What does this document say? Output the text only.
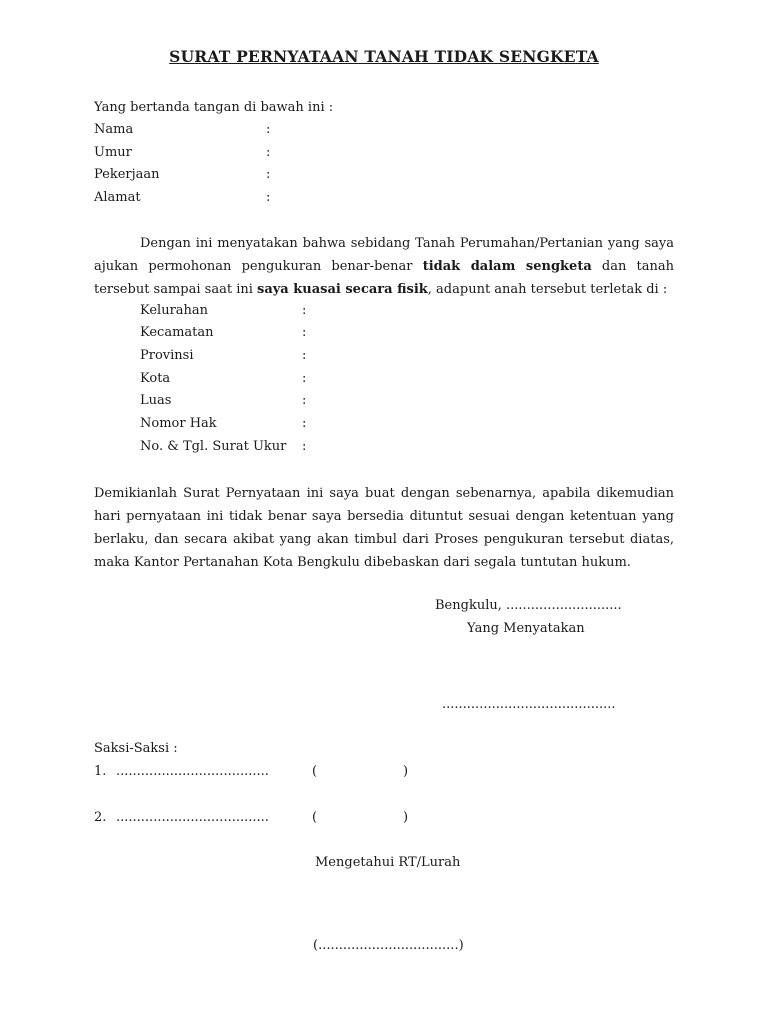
SURAT PERNYATAAN TANAH TIDAK SENGKETA
Yang bertanda tangan di bawah ini :
Nama	:
Umur	:
Pekerjaan	:
Alamat	:
Dengan ini menyatakan bahwa sebidang Tanah Perumahan/Pertanian yang saya ajukan permohonan pengukuran benar-benar tidak dalam sengketa dan tanah tersebut sampai saat ini saya kuasai secara fisik, adapunt anah tersebut terletak di :
Kelurahan	:
Kecamatan	:
Provinsi	:
Kota	:
Luas	:
Nomor Hak	:
No. & Tgl. Surat Ukur :
Demikianlah Surat Pernyataan ini saya buat dengan sebenarnya, apabila dikemudian hari pernyataan ini tidak benar saya bersedia dituntut sesuai dengan ketentuan yang berlaku, dan secara akibat yang akan timbul dari Proses pengukuran tersebut diatas, maka Kantor Pertanahan Kota Bengkulu dibebaskan dari segala tuntutan hukum.
Bengkulu, ............................
Yang Menyatakan
..........................................
Saksi-Saksi :
1. .....................................	(	)
2. .....................................	(	)
Mengetahui RT/Lurah
(..................................)
